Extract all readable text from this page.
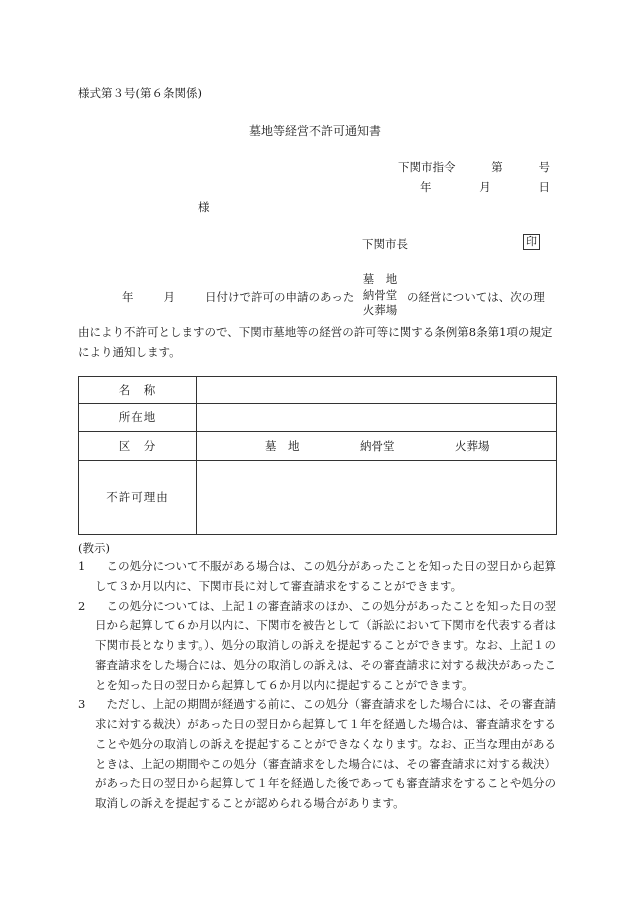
様式第３号(第６条関係)
墓地等経営不許可通知書
下関市指令	第	号
年	月	日
様
下関市長	印
年	月	日付けで許可の申請のあった
墓　地
納骨堂
火葬場
の経営については、次の理
由により不許可としますので、下関市墓地等の経営の許可等に関する条例第8条第1項の規定により通知します。
名　称	
所在地	
区　分	墓　地 納骨堂 火葬場

不許可理由	
(教示)
1 　この処分について不服がある場合は、この処分があったことを知った日の翌日から起算して３か月以内に、下関市長に対して審査請求をすることができます。
2 　この処分については、上記１の審査請求のほか、この処分があったことを知った日の翌日から起算して６か月以内に、下関市を被告として（訴訟において下関市を代表する者は下関市長となります。）、処分の取消しの訴えを提起することができます。なお、上記１の審査請求をした場合には、処分の取消しの訴えは、その審査請求に対する裁決があったことを知った日の翌日から起算して６か月以内に提起することができます。
3 　ただし、上記の期間が経過する前に、この処分（審査請求をした場合には、その審査請求に対する裁決）があった日の翌日から起算して１年を経過した場合は、審査請求をすることや処分の取消しの訴えを提起することができなくなります。なお、正当な理由があるときは、上記の期間やこの処分（審査請求をした場合には、その審査請求に対する裁決）があった日の翌日から起算して１年を経過した後であっても審査請求をすることや処分の取消しの訴えを提起することが認められる場合があります。
